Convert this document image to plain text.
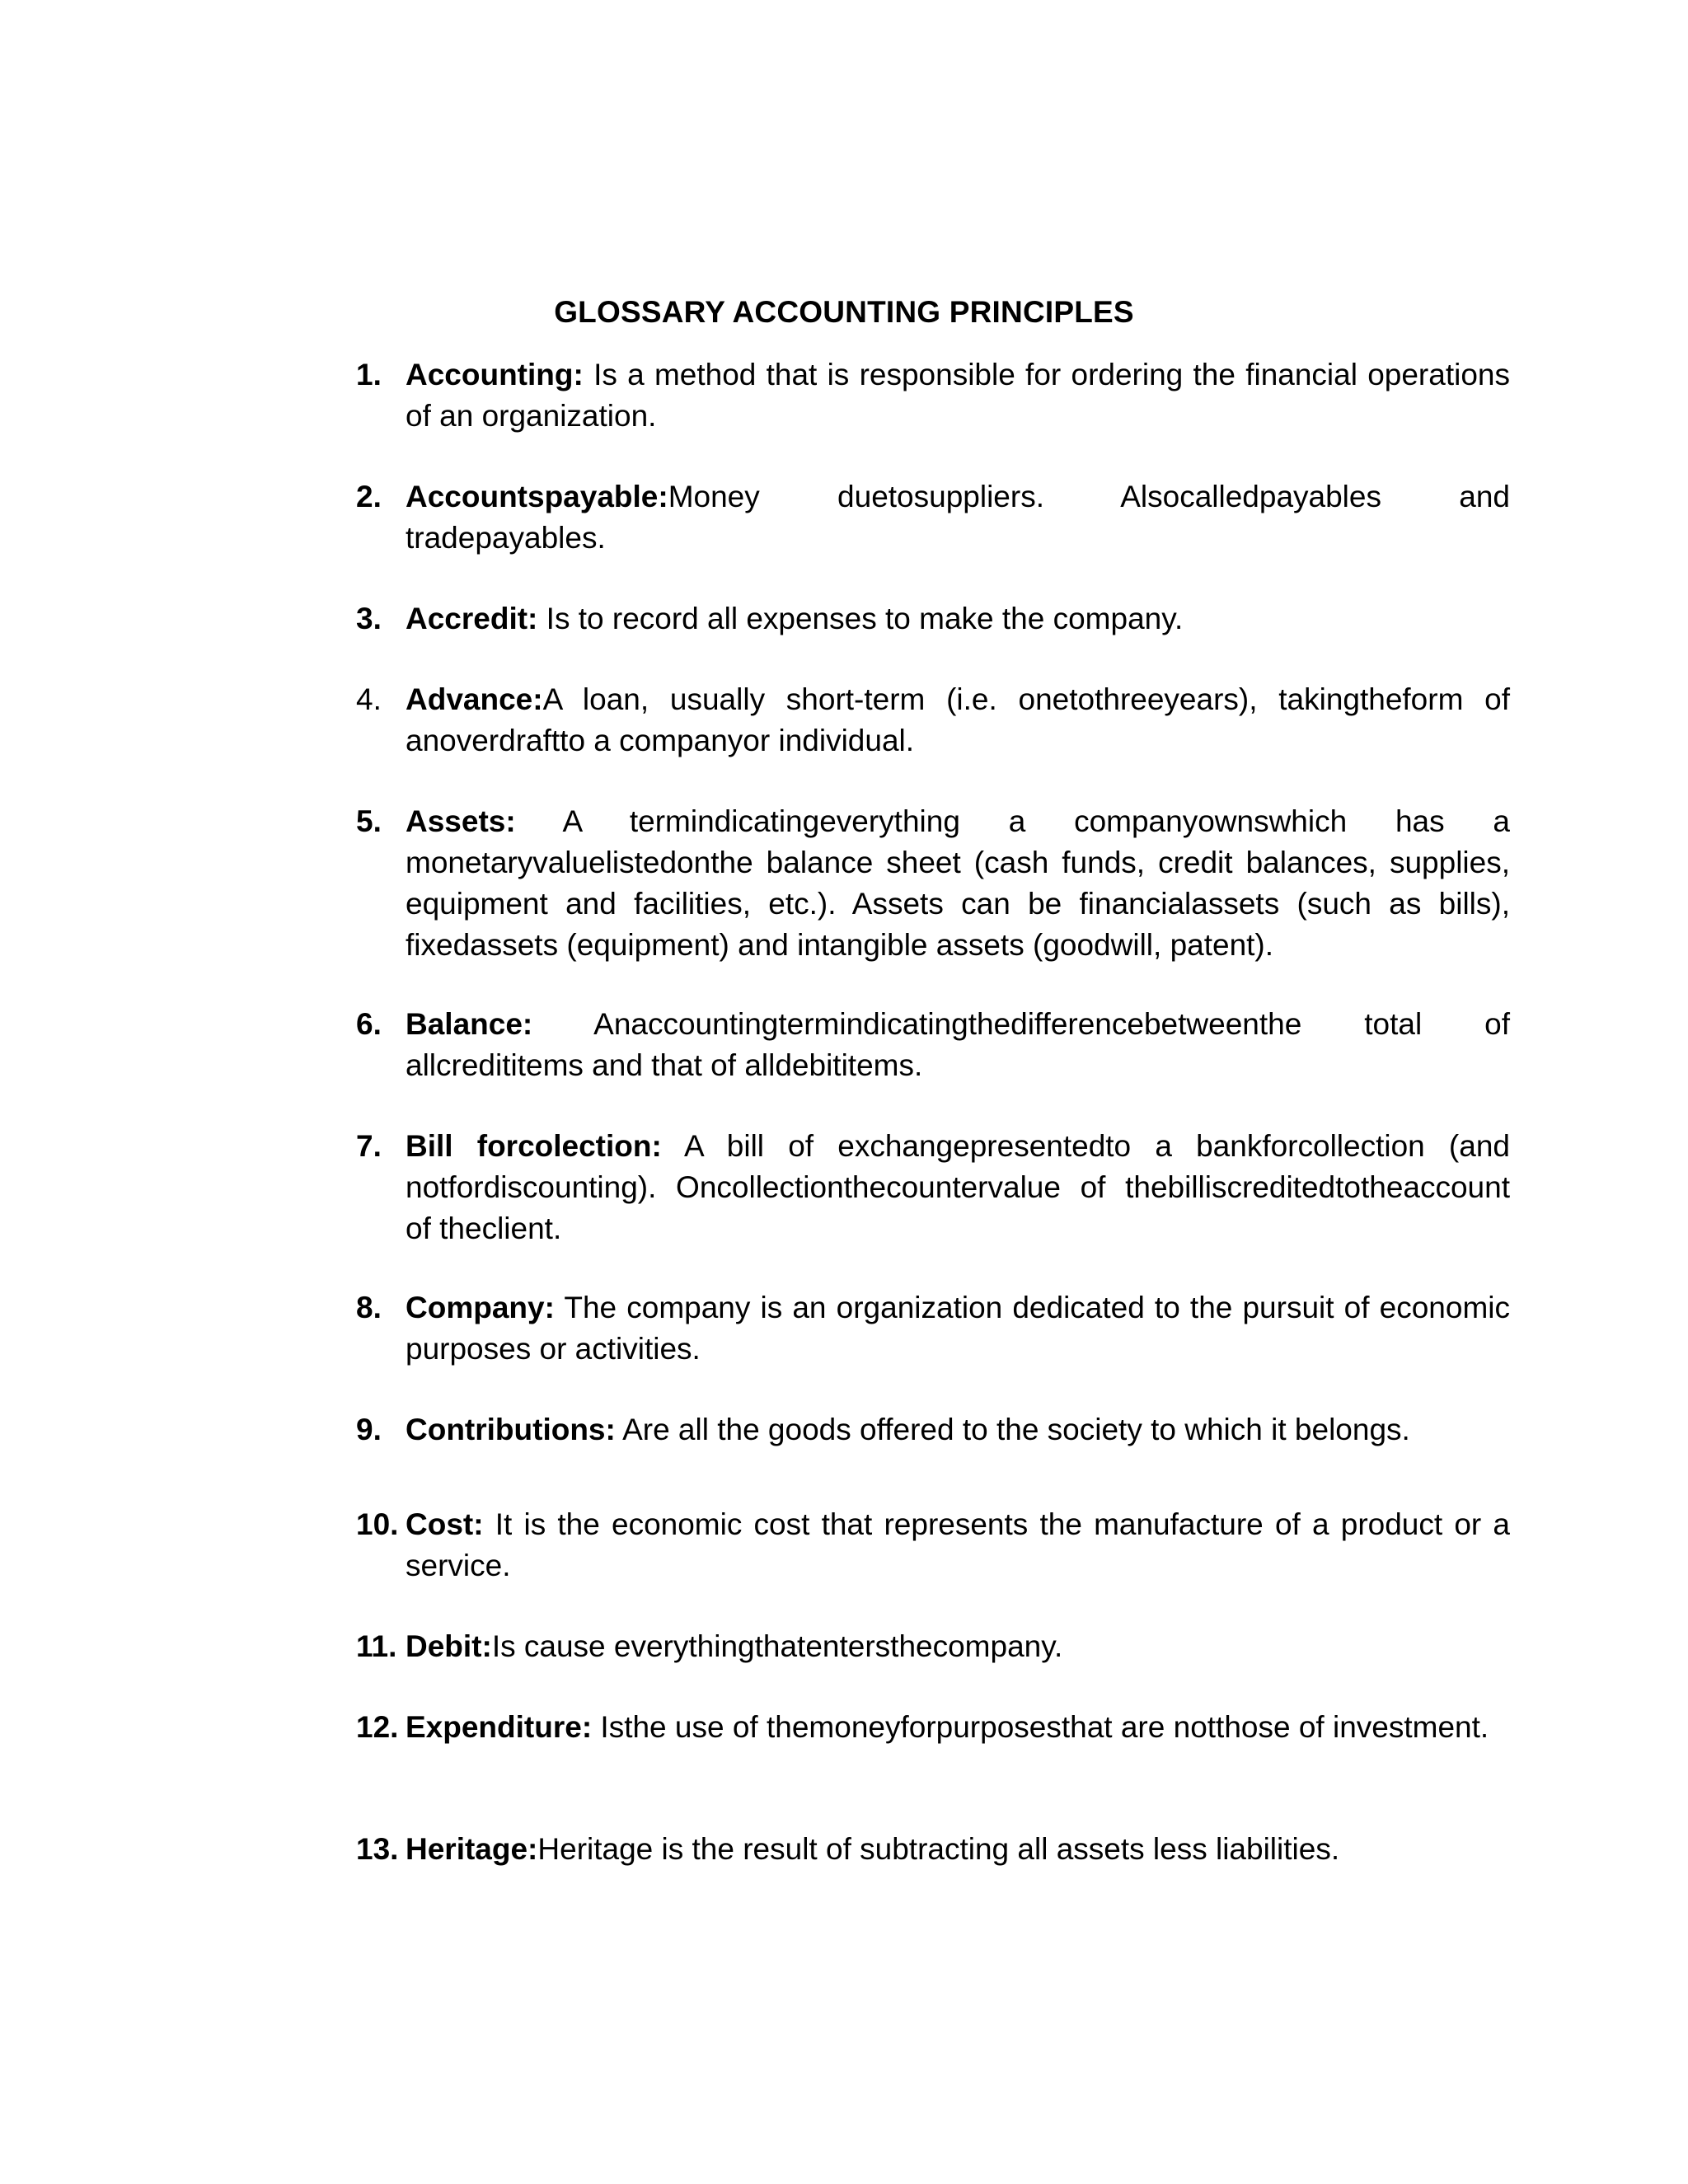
GLOSSARY ACCOUNTING PRINCIPLES
1. Accounting: Is a method that is responsible for ordering the financial operations of an organization.
2. Accountspayable:Money duetosuppliers. Alsocalledpayables and tradepayables.
3. Accredit: Is to record all expenses to make the company.
4. Advance:A loan, usually short-term (i.e. onetothreeyears), takingtheform of anoverdraftto a companyor individual.
5. Assets: A termindicatingeverything a companyownswhich has a monetaryvaluelistedonthe balance sheet (cash funds, credit balances, supplies, equipment and facilities, etc.). Assets can be financialassets (such as bills), fixedassets (equipment) and intangible assets (goodwill, patent).
6. Balance: Anaccountingtermindicatingthedifferencebetweenthe total of allcredititems and that of alldebititems.
7. Bill forcolection: A bill of exchangepresentedto a bankforcollection (and notfordiscounting). Oncollectionthecountervalue of thebilliscreditedtotheaccount of theclient.
8. Company: The company is an organization dedicated to the pursuit of economic purposes or activities.
9. Contributions: Are all the goods offered to the society to which it belongs.
10. Cost: It is the economic cost that represents the manufacture of a product or a service.
11. Debit:Is cause everythingthatentersthecompany.
12. Expenditure: Isthe use of themoneyforpurposesthat are notthose of investment.
13. Heritage:Heritage is the result of subtracting all assets less liabilities.
